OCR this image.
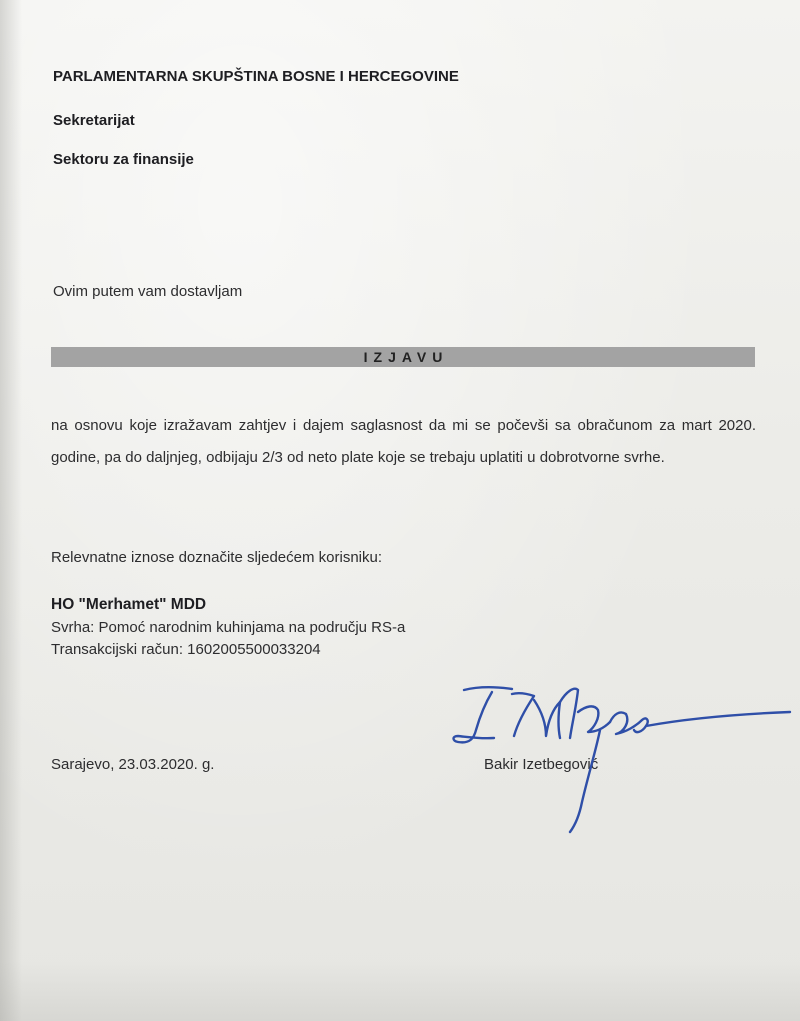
PARLAMENTARNA SKUPŠTINA BOSNE I HERCEGOVINE
Sekretarijat
Sektoru za finansije
Ovim putem vam dostavljam
IZJAVU
na osnovu koje izražavam zahtjev i dajem saglasnost da mi se počevši sa obračunom za mart 2020. godine, pa do daljnjeg, odbijaju 2/3 od neto plate koje se trebaju uplatiti u dobrotvorne svrhe.
Relevnatne iznose doznačite sljedećem korisniku:
HO "Merhamet" MDD
Svrha: Pomoć narodnim kuhinjama na području RS-a
Transakcijski račun: 1602005500033204
Sarajevo, 23.03.2020. g.	Bakir Izetbegović
